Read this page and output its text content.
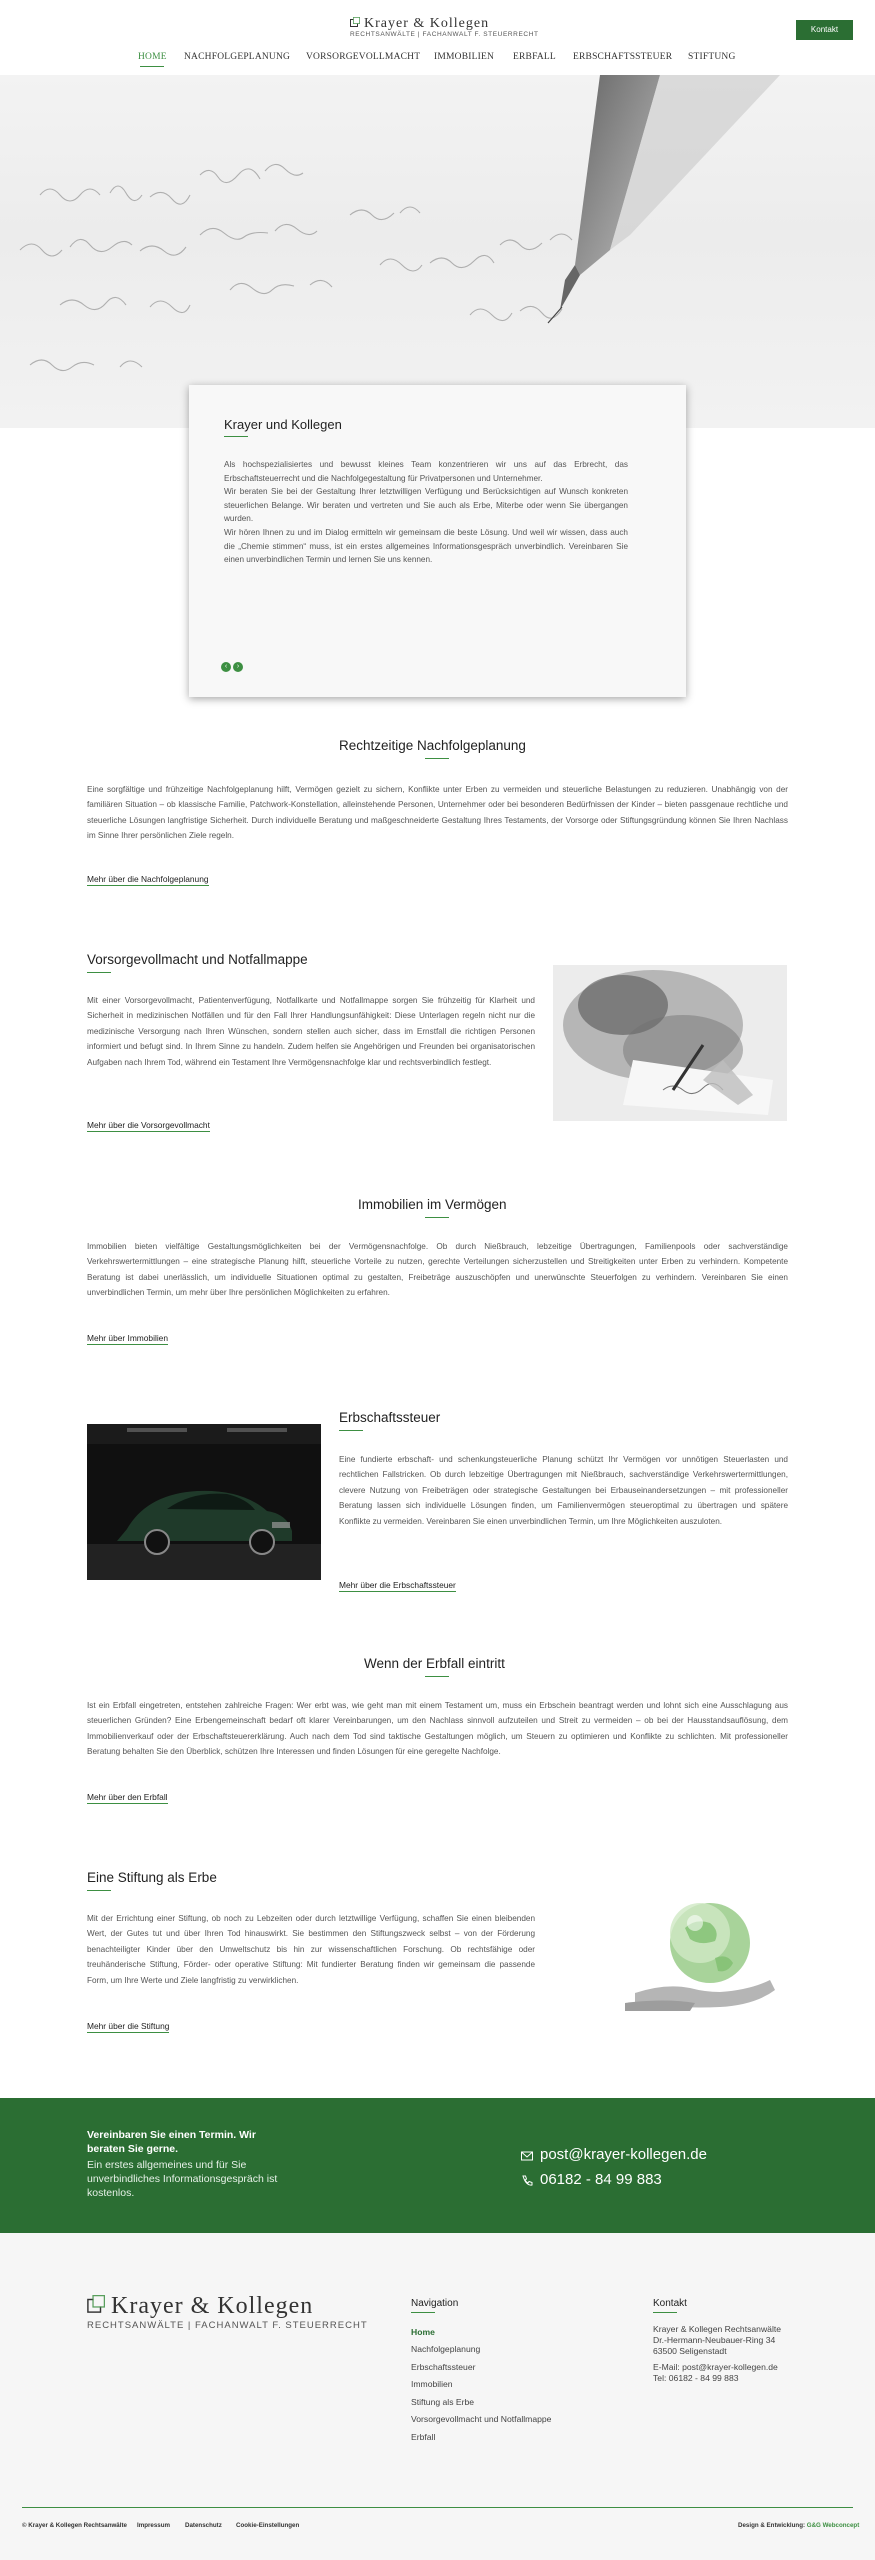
Krayer & Kollegen
RECHTSANWÄLTE | FACHANWALT F. STEUERRECHT
Kontakt
HOME NACHFOLGEPLANUNG VORSORGEVOLLMACHT IMMOBILIEN ERBFALL ERBSCHAFTSSTEUER STIFTUNG
Krayer und Kollegen
Als hochspezialisiertes und bewusst kleines Team konzentrieren wir uns auf das Erbrecht, das Erbschaftsteuerrecht und die Nachfolgegestaltung für Privatpersonen und Unternehmer.
Wir beraten Sie bei der Gestaltung Ihrer letztwilligen Verfügung und Berücksichtigen auf Wunsch konkreten steuerlichen Belange. Wir beraten und vertreten und Sie auch als Erbe, Miterbe oder wenn Sie übergangen wurden.
Wir hören Ihnen zu und im Dialog ermitteln wir gemeinsam die beste Lösung. Und weil wir wissen, dass auch die „Chemie stimmen“ muss, ist ein erstes allgemeines Informationsgespräch unverbindlich. Vereinbaren Sie einen unverbindlichen Termin und lernen Sie uns kennen.
‹ ›
Rechtzeitige Nachfolgeplanung
Eine sorgfältige und frühzeitige Nachfolgeplanung hilft, Vermögen gezielt zu sichern, Konflikte unter Erben zu vermeiden und steuerliche Belastungen zu reduzieren. Unabhängig von der familiären Situation – ob klassische Familie, Patchwork-Konstellation, alleinstehende Personen, Unternehmer oder bei besonderen Bedürfnissen der Kinder – bieten passgenaue rechtliche und steuerliche Lösungen langfristige Sicherheit. Durch individuelle Beratung und maßgeschneiderte Gestaltung Ihres Testaments, der Vorsorge oder Stiftungsgründung können Sie Ihren Nachlass im Sinne Ihrer persönlichen Ziele regeln.
Mehr über die Nachfolgeplanung
Vorsorgevollmacht und Notfallmappe
Mit einer Vorsorgevollmacht, Patientenverfügung, Notfallkarte und Notfallmappe sorgen Sie frühzeitig für Klarheit und Sicherheit in medizinischen Notfällen und für den Fall Ihrer Handlungsunfähigkeit: Diese Unterlagen regeln nicht nur die medizinische Versorgung nach Ihren Wünschen, sondern stellen auch sicher, dass im Ernstfall die richtigen Personen informiert und befugt sind. In Ihrem Sinne zu handeln. Zudem helfen sie Angehörigen und Freunden bei organisatorischen Aufgaben nach Ihrem Tod, während ein Testament Ihre Vermögensnachfolge klar und rechtsverbindlich festlegt.
Mehr über die Vorsorgevollmacht
Immobilien im Vermögen
Immobilien bieten vielfältige Gestaltungsmöglichkeiten bei der Vermögensnachfolge. Ob durch Nießbrauch, lebzeitige Übertragungen, Familienpools oder sachverständige Verkehrswertermittlungen – eine strategische Planung hilft, steuerliche Vorteile zu nutzen, gerechte Verteilungen sicherzustellen und Streitigkeiten unter Erben zu verhindern. Kompetente Beratung ist dabei unerlässlich, um individuelle Situationen optimal zu gestalten, Freibeträge auszuschöpfen und unerwünschte Steuerfolgen zu verhindern. Vereinbaren Sie einen unverbindlichen Termin, um mehr über Ihre persönlichen Möglichkeiten zu erfahren.
Mehr über Immobilien
Erbschaftssteuer
Eine fundierte erbschaft- und schenkungsteuerliche Planung schützt Ihr Vermögen vor unnötigen Steuerlasten und rechtlichen Fallstricken. Ob durch lebzeitige Übertragungen mit Nießbrauch, sachverständige Verkehrswertermittlungen, clevere Nutzung von Freibeträgen oder strategische Gestaltungen bei Erbauseinandersetzungen – mit professioneller Beratung lassen sich individuelle Lösungen finden, um Familienvermögen steueroptimal zu übertragen und spätere Konflikte zu vermeiden. Vereinbaren Sie einen unverbindlichen Termin, um Ihre Möglichkeiten auszuloten.
Mehr über die Erbschaftssteuer
Wenn der Erbfall eintritt
Ist ein Erbfall eingetreten, entstehen zahlreiche Fragen: Wer erbt was, wie geht man mit einem Testament um, muss ein Erbschein beantragt werden und lohnt sich eine Ausschlagung aus steuerlichen Gründen? Eine Erbengemeinschaft bedarf oft klarer Vereinbarungen, um den Nachlass sinnvoll aufzuteilen und Streit zu vermeiden – ob bei der Hausstandsauflösung, dem Immobilienverkauf oder der Erbschaftsteuererklärung. Auch nach dem Tod sind taktische Gestaltungen möglich, um Steuern zu optimieren und Konflikte zu schlichten. Mit professioneller Beratung behalten Sie den Überblick, schützen Ihre Interessen und finden Lösungen für eine geregelte Nachfolge.
Mehr über den Erbfall
Eine Stiftung als Erbe
Mit der Errichtung einer Stiftung, ob noch zu Lebzeiten oder durch letztwillige Verfügung, schaffen Sie einen bleibenden Wert, der Gutes tut und über Ihren Tod hinauswirkt. Sie bestimmen den Stiftungszweck selbst – von der Förderung benachteiligter Kinder über den Umweltschutz bis hin zur wissenschaftlichen Forschung. Ob rechtsfähige oder treuhänderische Stiftung, Förder- oder operative Stiftung: Mit fundierter Beratung finden wir gemeinsam die passende Form, um Ihre Werte und Ziele langfristig zu verwirklichen.
Mehr über die Stiftung
Vereinbaren Sie einen Termin. Wir beraten Sie gerne.
Ein erstes allgemeines und für Sie unverbindliches Informationsgespräch ist kostenlos.
post@krayer-kollegen.de
06182 - 84 99 883
Krayer & Kollegen
RECHTSANWÄLTE | FACHANWALT F. STEUERRECHT
Navigation
Home
Nachfolgeplanung
Erbschaftssteuer
Immobilien
Stiftung als Erbe
Vorsorgevollmacht und Notfallmappe
Erbfall
Kontakt
Krayer & Kollegen Rechtsanwälte
Dr.-Hermann-Neubauer-Ring 34
63500 Seligenstadt
E-Mail: post@krayer-kollegen.de
Tel: 06182 - 84 99 883
© Krayer & Kollegen Rechtsanwälte Impressum Datenschutz Cookie-Einstellungen	Design & Entwicklung: G&G Webconcept
